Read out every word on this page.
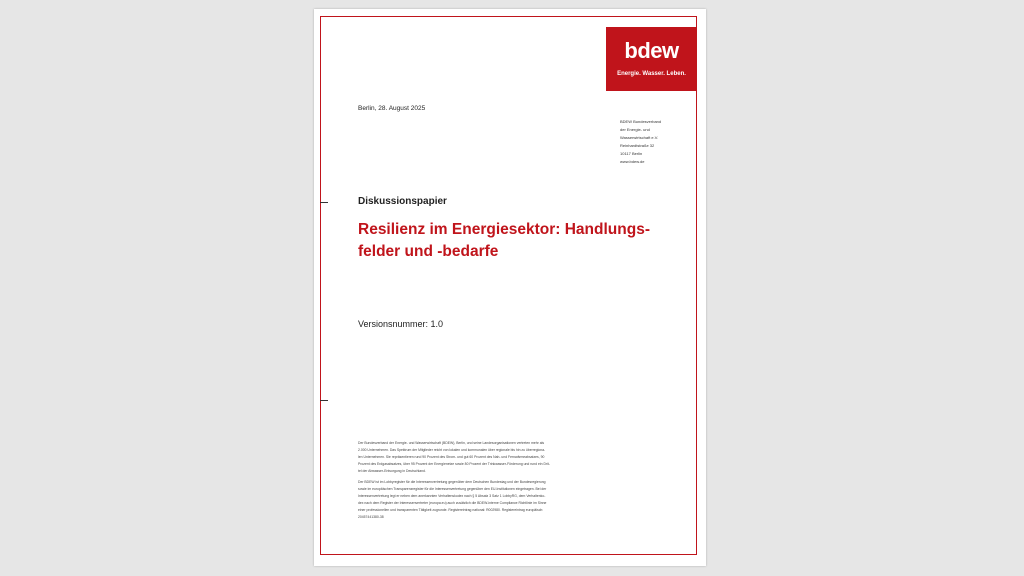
bdew
Energie. Wasser. Leben.
Berlin, 28. August 2025
BDEW Bundesverband
der Energie- und
Wasserwirtschaft e.V.
Reinhardtstraße 32
10117 Berlin
www.bdew.de
Diskussionspapier
Resilienz im Energiesektor: Handlungs-
felder und -bedarfe
Versionsnummer: 1.0
Der Bundesverband der Energie- und Wasserwirtschaft (BDEW), Berlin, und seine Landesorganisationen vertreten mehr als
2.000 Unternehmen. Das Spektrum der Mitglieder reicht von lokalen und kommunalen über regionale bis hin zu überregiona-
len Unternehmen. Sie repräsentieren rund 90 Prozent des Strom- und gut 60 Prozent des Nah- und Fernwärmeabsatzes, 90
Prozent des Erdgasabsatzes, über 95 Prozent der Energienetze sowie 80 Prozent der Trinkwasser-Förderung und rund ein Drit-
tel der Abwasser-Entsorgung in Deutschland.
Der BDEW ist im Lobbyregister für die Interessenvertretung gegenüber dem Deutschen Bundestag und der Bundesregierung
sowie im europäischen Transparenzregister für die Interessenvertretung gegenüber den EU-Institutionen eingetragen. Bei der
Interessenvertretung legt er neben dem anerkannten Verhaltenskodex nach § 5 Absatz 3 Satz 1 LobbyRG, dem Verhaltenko-
dex nach dem Register der Interessenvertreter (europa.eu) auch zusätzlich die BDEW-interne Compliance Richtlinie im Sinne
einer professionellen und transparenten Tätigkeit zugrunde. Registereintrag national: R002980. Registereintrag europäisch:
20457441380-38
